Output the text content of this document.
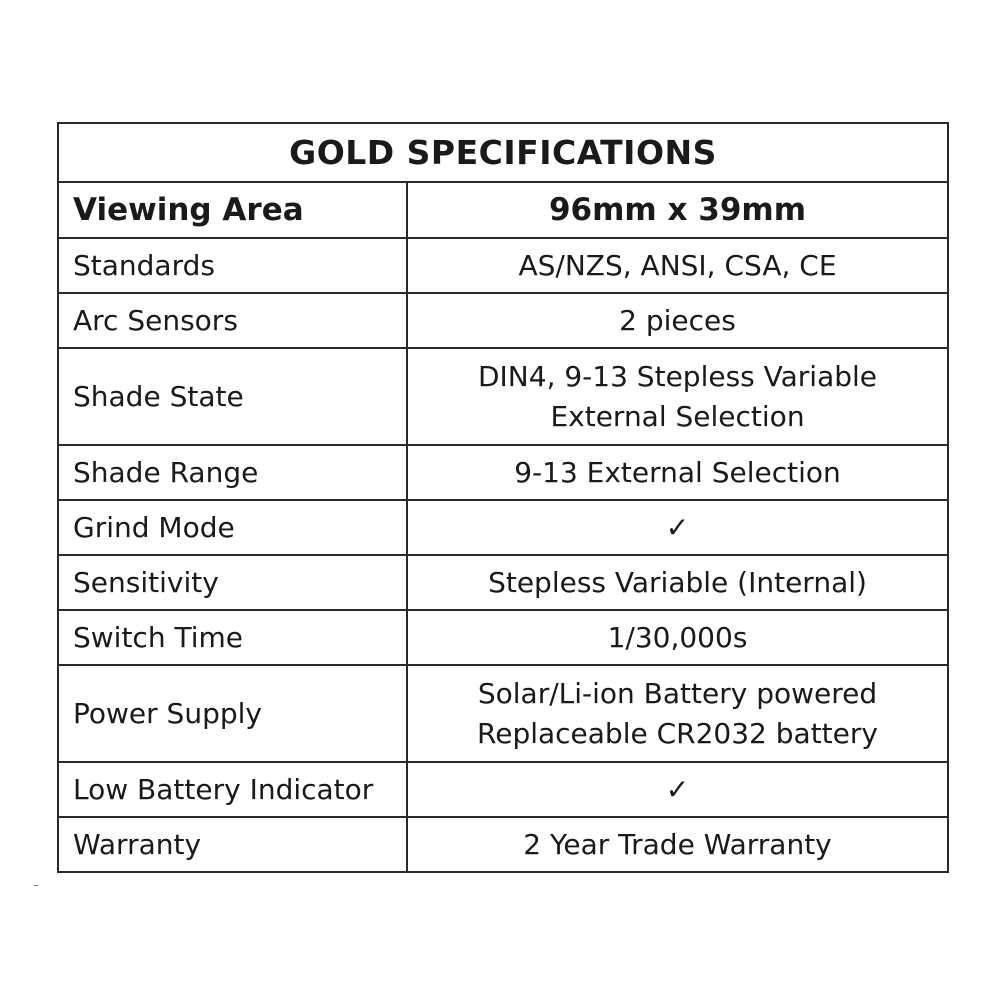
GOLD SPECIFICATIONS	
Viewing Area	96mm x 39mm
Standards	AS/NZS, ANSI, CSA, CE

Arc Sensors	2 pieces

Shade State	DIN4, 9-13 Stepless Variable
External Selection

Shade Range	9-13 External Selection

Grind Mode	✓

Sensitivity	Stepless Variable (Internal)

Switch Time	1/30,000s

Power Supply	Solar/Li-ion Battery powered
Replaceable CR2032 battery

Low Battery Indicator	✓

Warranty	2 Year Trade Warranty
